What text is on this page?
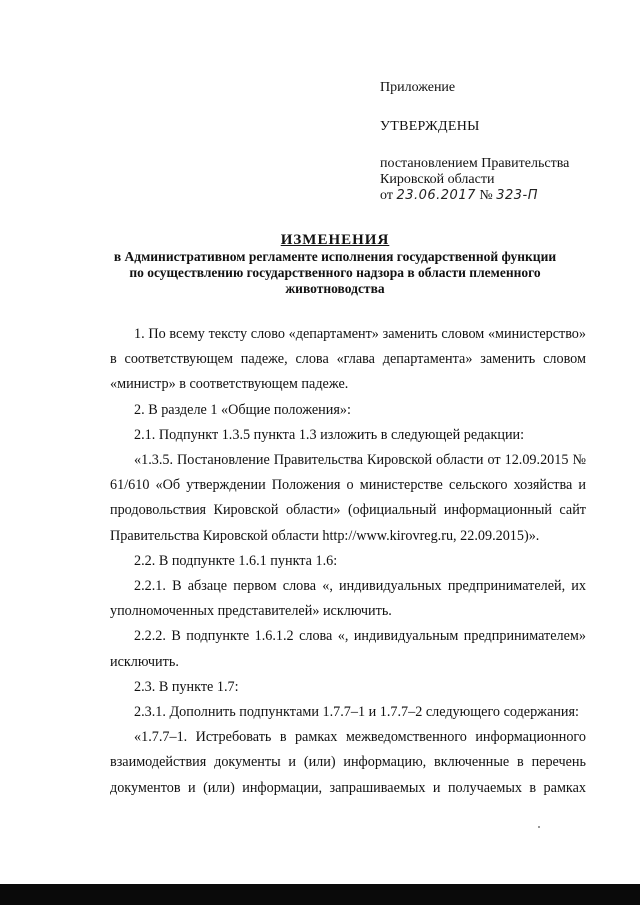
Приложение
УТВЕРЖДЕНЫ
постановлением Правительства
Кировской области
от 23.06.2017 № 323-П
ИЗМЕНЕНИЯ
в Административном регламенте исполнения государственной функции
по осуществлению государственного надзора в области племенного
животноводства

1. По всему тексту слово «департамент» заменить словом «министерство» в соответствующем падеже, слова «глава департамента» заменить словом «министр» в соответствующем падеже.

2. В разделе 1 «Общие положения»:

2.1. Подпункт 1.3.5 пункта 1.3 изложить в следующей редакции:

«1.3.5. Постановление Правительства Кировской области от 12.09.2015 № 61/610 «Об утверждении Положения о министерстве сельского хозяйства и продовольствия Кировской области» (официальный информационный сайт Правительства Кировской области http://www.kirovreg.ru, 22.09.2015)».

2.2. В подпункте 1.6.1 пункта 1.6:

2.2.1. В абзаце первом слова «, индивидуальных предпринимателей, их уполномоченных представителей» исключить.

2.2.2. В подпункте 1.6.1.2 слова «, индивидуальным предпринимателем» исключить.

2.3. В пункте 1.7:

2.3.1. Дополнить подпунктами 1.7.7–1 и 1.7.7–2 следующего содержания:

«1.7.7–1. Истребовать в рамках межведомственного информационного взаимодействия документы и (или) информацию, включенные в перечень документов и (или) информации, запрашиваемых и получаемых в рамках
